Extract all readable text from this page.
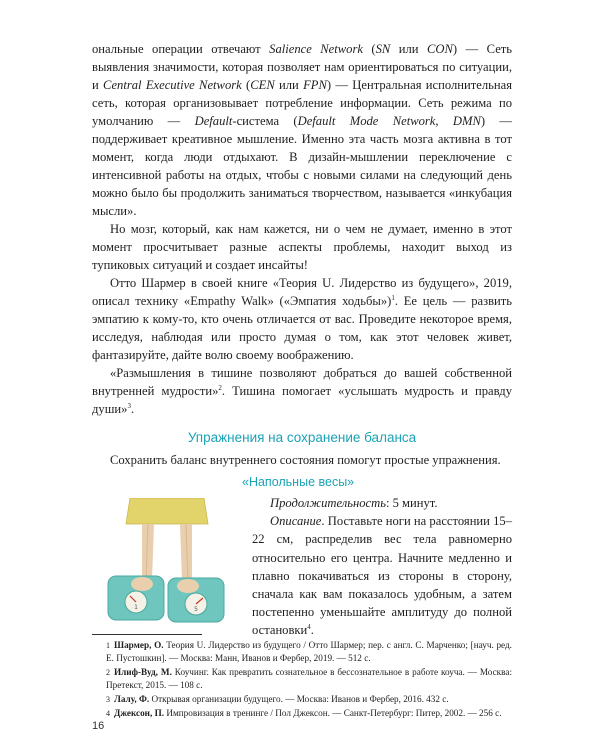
ональные операции отвечают Salience Network (SN или CON) — Сеть выявления значимости, которая позволяет нам ориентироваться по ситуации, и Central Executive Network (CEN или FPN) — Центральная исполнительная сеть, которая организовывает потребление информации. Сеть режима по умолчанию — Default-система (Default Mode Network, DMN) — поддерживает креативное мышление. Именно эта часть мозга активна в тот момент, когда люди отдыхают. В дизайн-мышлении переключение с интенсивной работы на отдых, чтобы с новыми силами на следующий день можно было бы продолжить заниматься творчеством, называется «инкубация мысли».

Но мозг, который, как нам кажется, ни о чем не думает, именно в этот момент просчитывает разные аспекты проблемы, находит выход из тупиковых ситуаций и создает инсайты!

Отто Шармер в своей книге «Теория U. Лидерство из будущего», 2019, описал технику «Empathy Walk» («Эмпатия ходьбы»)$^1$. Ее цель — развить эмпатию к кому-то, кто очень отличается от вас. Проведите некоторое время, исследуя, наблюдая или просто думая о том, как этот человек живет, фантазируйте, дайте волю своему воображению.

«Размышления в тишине позволяют добраться до вашей собственной внутренней мудрости»$^2$. Тишина помогает «услышать мудрость и правду души»$^3$.

Упражнения на сохранение баланса

Сохранить баланс внутреннего состояния помогут простые упражнения.

«Напольные весы»
1	5

Продолжительность: 5 минут.

Описание. Поставьте ноги на расстоянии 15–22 см, распределив вес тела равномерно относительно его центра. Начните медленно и плавно покачиваться из стороны в сторону, сначала как вам показалось удобным, а затем постепенно уменьшайте амплитуду до полной остановки$^4$.

1 Шармер, О. Теория U. Лидерство из будущего / Отто Шармер; пер. с англ. С. Марченко; [науч. ред. Е. Пустошкин]. — Москва: Манн, Иванов и Фербер, 2019. — 512 с.

2 Илиф-Вуд, М. Коучинг. Как превратить сознательное в бессознательное в работе коуча. — Москва: Претекст, 2015. — 108 с.

3 Лалу, Ф. Открывая организации будущего. — Москва: Иванов и Фербер, 2016. 432 с.

4 Джексон, П. Импровизация в тренинге / Пол Джексон. — Санкт-Петербург: Питер, 2002. — 256 с.

16
